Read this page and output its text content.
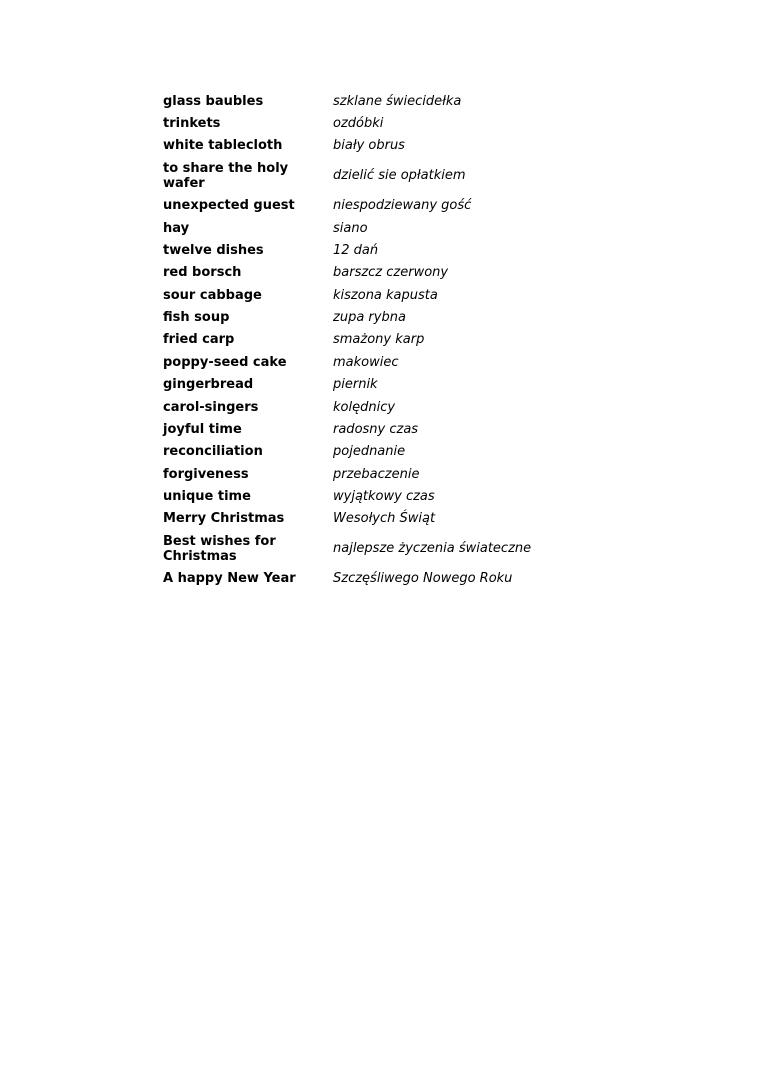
glass baubles	szklane świecidełka
trinkets	ozdóbki
white tablecloth	biały obrus
to share the holy wafer	dzielić sie opłatkiem
unexpected guest	niespodziewany gość
hay	siano
twelve dishes	12 dań
red borsch	barszcz czerwony
sour cabbage	kiszona kapusta
fish soup	zupa rybna
fried carp	smażony karp
poppy-seed cake	makowiec
gingerbread	piernik
carol-singers	kolędnicy
joyful time	radosny czas
reconciliation	pojednanie
forgiveness	przebaczenie
unique time	wyjątkowy czas
Merry Christmas	Wesołych Świąt
Best wishes for Christmas	najlepsze życzenia świateczne
A happy New Year	Szczęśliwego Nowego Roku
